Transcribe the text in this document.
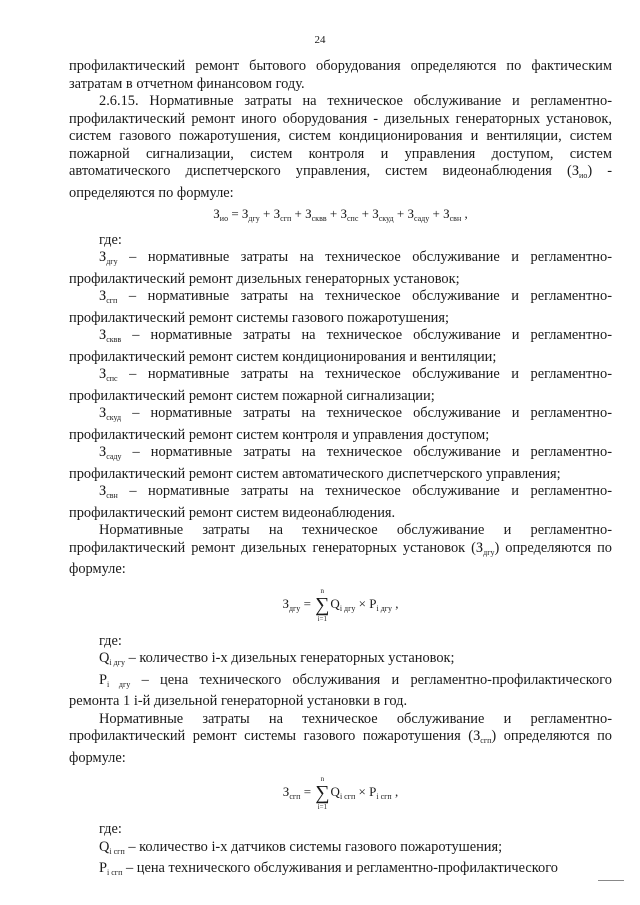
24

профилактический ремонт бытового оборудования определяются по фактическим затратам в отчетном финансовом году.

2.6.15. Нормативные затраты на техническое обслуживание и регламентно-профилактический ремонт иного оборудования - дизельных генераторных установок, систем газового пожаротушения, систем кондиционирования и вентиляции, систем пожарной сигнализации, систем контроля и управления доступом, систем автоматического диспетчерского управления, систем видеонаблюдения $(З_{ио})$ - определяются по формуле:

$З_{ио} = З_{дгу} + З_{сгп} + З_{сквв} + З_{спс} + З_{скуд} + З_{саду} + З_{свн}$ ,

где:

$З_{дгу}$ – нормативные затраты на техническое обслуживание и регламентно-профилактический ремонт дизельных генераторных установок;

$З_{сгп}$ – нормативные затраты на техническое обслуживание и регламентно-профилактический ремонт системы газового пожаротушения;

$З_{сквв}$ – нормативные затраты на техническое обслуживание и регламентно-профилактический ремонт систем кондиционирования и вентиляции;

$З_{спс}$ – нормативные затраты на техническое обслуживание и регламентно-профилактический ремонт систем пожарной сигнализации;

$З_{скуд}$ – нормативные затраты на техническое обслуживание и регламентно-профилактический ремонт систем контроля и управления доступом;

$З_{саду}$ – нормативные затраты на техническое обслуживание и регламентно-профилактический ремонт систем автоматического диспетчерского управления;

$З_{свн}$ – нормативные затраты на техническое обслуживание и регламентно-профилактический ремонт систем видеонаблюдения.

Нормативные затраты на техническое обслуживание и регламентно-профилактический ремонт дизельных генераторных установок $(З_{дгу})$ определяются по формуле:

$З_{дгу}$ =
n
∑
i=1
$Q_{i дгу} \times P_{i дгу}$ ,

где:

$Q_{i дгу}$ – количество i-х дизельных генераторных установок;

$P_{i дгу}$ – цена технического обслуживания и регламентно-профилактического ремонта 1 i-й дизельной генераторной установки в год.

Нормативные затраты на техническое обслуживание и регламентно-профилактический ремонт системы газового пожаротушения $(З_{сгп})$ определяются по формуле:

$З_{сгп}$ =
n
∑
i=1
$Q_{i сгп} \times P_{i сгп}$ ,

где:

$Q_{i сгп}$ – количество i-х датчиков системы газового пожаротушения;

$P_{i сгп}$ – цена технического обслуживания и регламентно-профилактического
